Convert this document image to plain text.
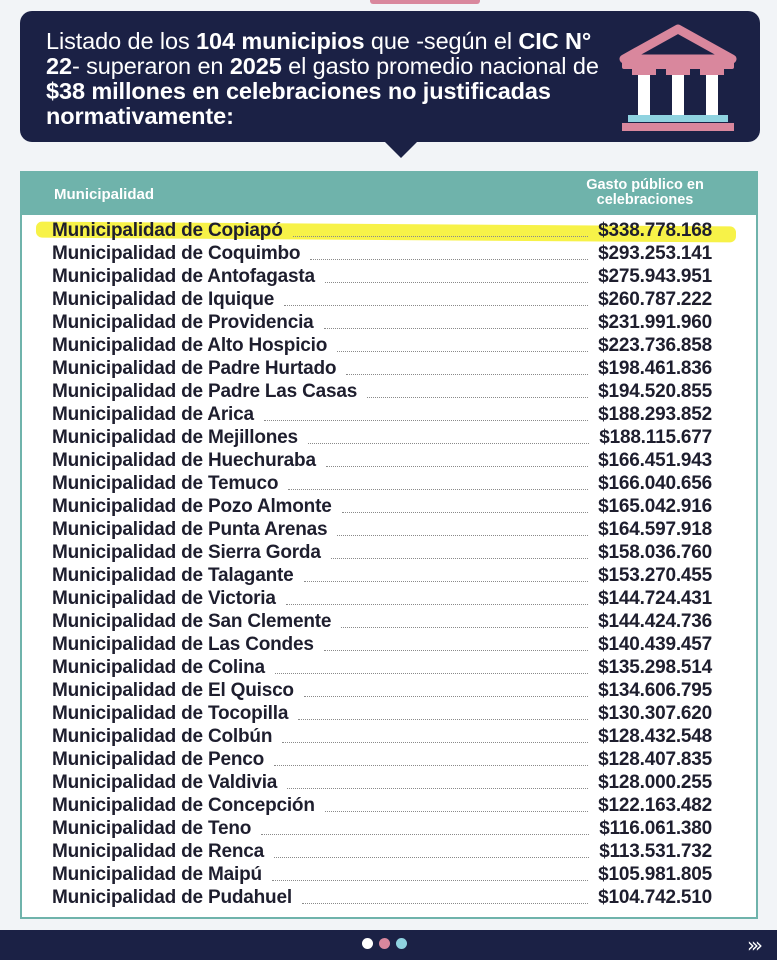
Listado de los 104 municipios que -según el CIC N° 22- superaron en 2025 el gasto promedio nacional de $38 millones en celebraciones no justificadas normativamente:
Municipalidad
Gasto público en celebraciones
Municipalidad de Copiapó	$338.778.168
Municipalidad de Coquimbo	$293.253.141
Municipalidad de Antofagasta	$275.943.951
Municipalidad de Iquique	$260.787.222
Municipalidad de Providencia	$231.991.960
Municipalidad de Alto Hospicio	$223.736.858
Municipalidad de Padre Hurtado	$198.461.836
Municipalidad de Padre Las Casas	$194.520.855
Municipalidad de Arica	$188.293.852
Municipalidad de Mejillones	$188.115.677
Municipalidad de Huechuraba	$166.451.943
Municipalidad de Temuco	$166.040.656
Municipalidad de Pozo Almonte	$165.042.916
Municipalidad de Punta Arenas	$164.597.918
Municipalidad de Sierra Gorda	$158.036.760
Municipalidad de Talagante	$153.270.455
Municipalidad de Victoria	$144.724.431
Municipalidad de San Clemente	$144.424.736
Municipalidad de Las Condes	$140.439.457
Municipalidad de Colina	$135.298.514
Municipalidad de El Quisco	$134.606.795
Municipalidad de Tocopilla	$130.307.620
Municipalidad de Colbún	$128.432.548
Municipalidad de Penco	$128.407.835
Municipalidad de Valdivia	$128.000.255
Municipalidad de Concepción	$122.163.482
Municipalidad de Teno	$116.061.380
Municipalidad de Renca	$113.531.732
Municipalidad de Maipú	$105.981.805
Municipalidad de Pudahuel	$104.742.510
›››
